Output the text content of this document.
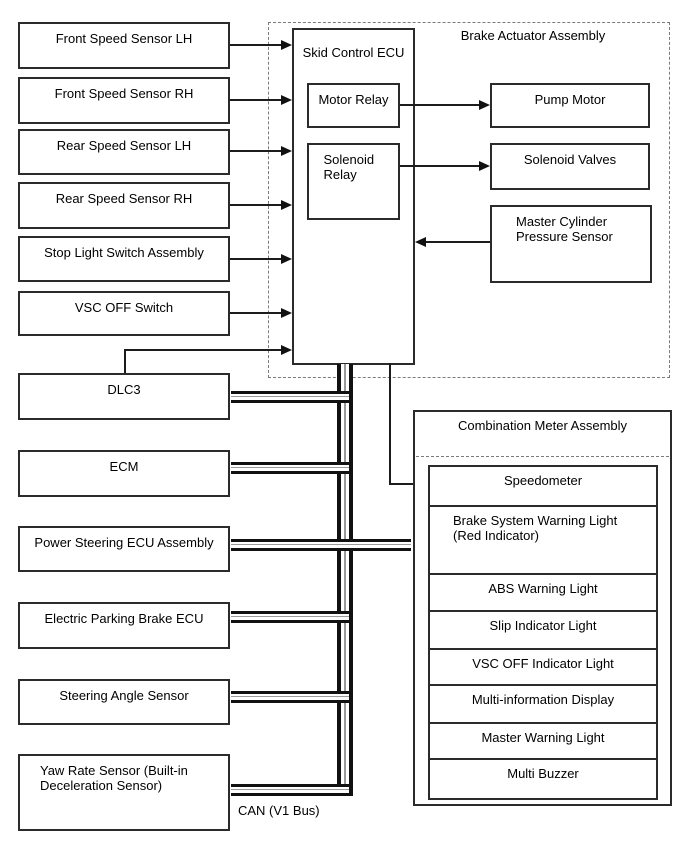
Brake Actuator Assembly
Skid Control ECU
Motor Relay
Solenoid Relay
Pump Motor
Solenoid Valves
Master Cylinder Pressure Sensor
Front Speed Sensor LH
Front Speed Sensor RH
Rear Speed Sensor LH
Rear Speed Sensor RH
Stop Light Switch Assembly
VSC OFF Switch
DLC3
ECM
Power Steering ECU Assembly
Electric Parking Brake ECU
Steering Angle Sensor
Yaw Rate Sensor (Built-in Deceleration Sensor)
Combination Meter Assembly
Speedometer
Brake System Warning Light (Red Indicator)
ABS Warning Light
Slip Indicator Light
VSC OFF Indicator Light
Multi-information Display
Master Warning Light
Multi Buzzer
CAN (V1 Bus)
